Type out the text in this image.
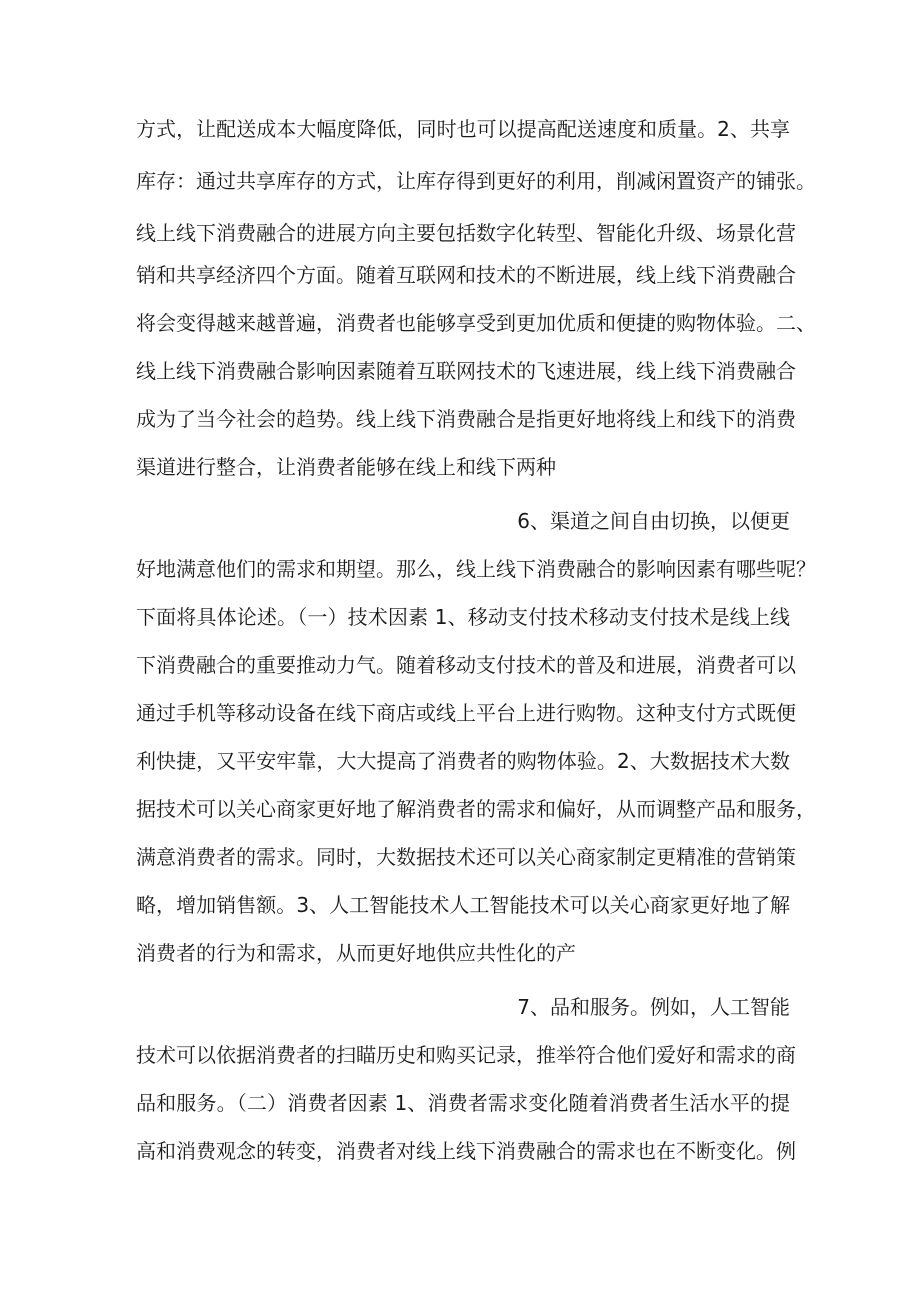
方式，让配送成本大幅度降低，同时也可以提高配送速度和质量。2、共享
库存：通过共享库存的方式，让库存得到更好的利用，削减闲置资产的铺张。
线上线下消费融合的进展方向主要包括数字化转型、智能化升级、场景化营
销和共享经济四个方面。随着互联网和技术的不断进展，线上线下消费融合
将会变得越来越普遍，消费者也能够享受到更加优质和便捷的购物体验。二、
线上线下消费融合影响因素随着互联网技术的飞速进展，线上线下消费融合
成为了当今社会的趋势。线上线下消费融合是指更好地将线上和线下的消费
渠道进行整合，让消费者能够在线上和线下两种
6、渠道之间自由切换，以便更
好地满意他们的需求和期望。那么，线上线下消费融合的影响因素有哪些呢？
下面将具体论述。（一）技术因素 1、移动支付技术移动支付技术是线上线
下消费融合的重要推动力气。随着移动支付技术的普及和进展，消费者可以
通过手机等移动设备在线下商店或线上平台上进行购物。这种支付方式既便
利快捷，又平安牢靠，大大提高了消费者的购物体验。2、大数据技术大数
据技术可以关心商家更好地了解消费者的需求和偏好，从而调整产品和服务，
满意消费者的需求。同时，大数据技术还可以关心商家制定更精准的营销策
略，增加销售额。3、人工智能技术人工智能技术可以关心商家更好地了解
消费者的行为和需求，从而更好地供应共性化的产
7、品和服务。例如，人工智能
技术可以依据消费者的扫瞄历史和购买记录，推举符合他们爱好和需求的商
品和服务。（二）消费者因素 1、消费者需求变化随着消费者生活水平的提
高和消费观念的转变，消费者对线上线下消费融合的需求也在不断变化。例
